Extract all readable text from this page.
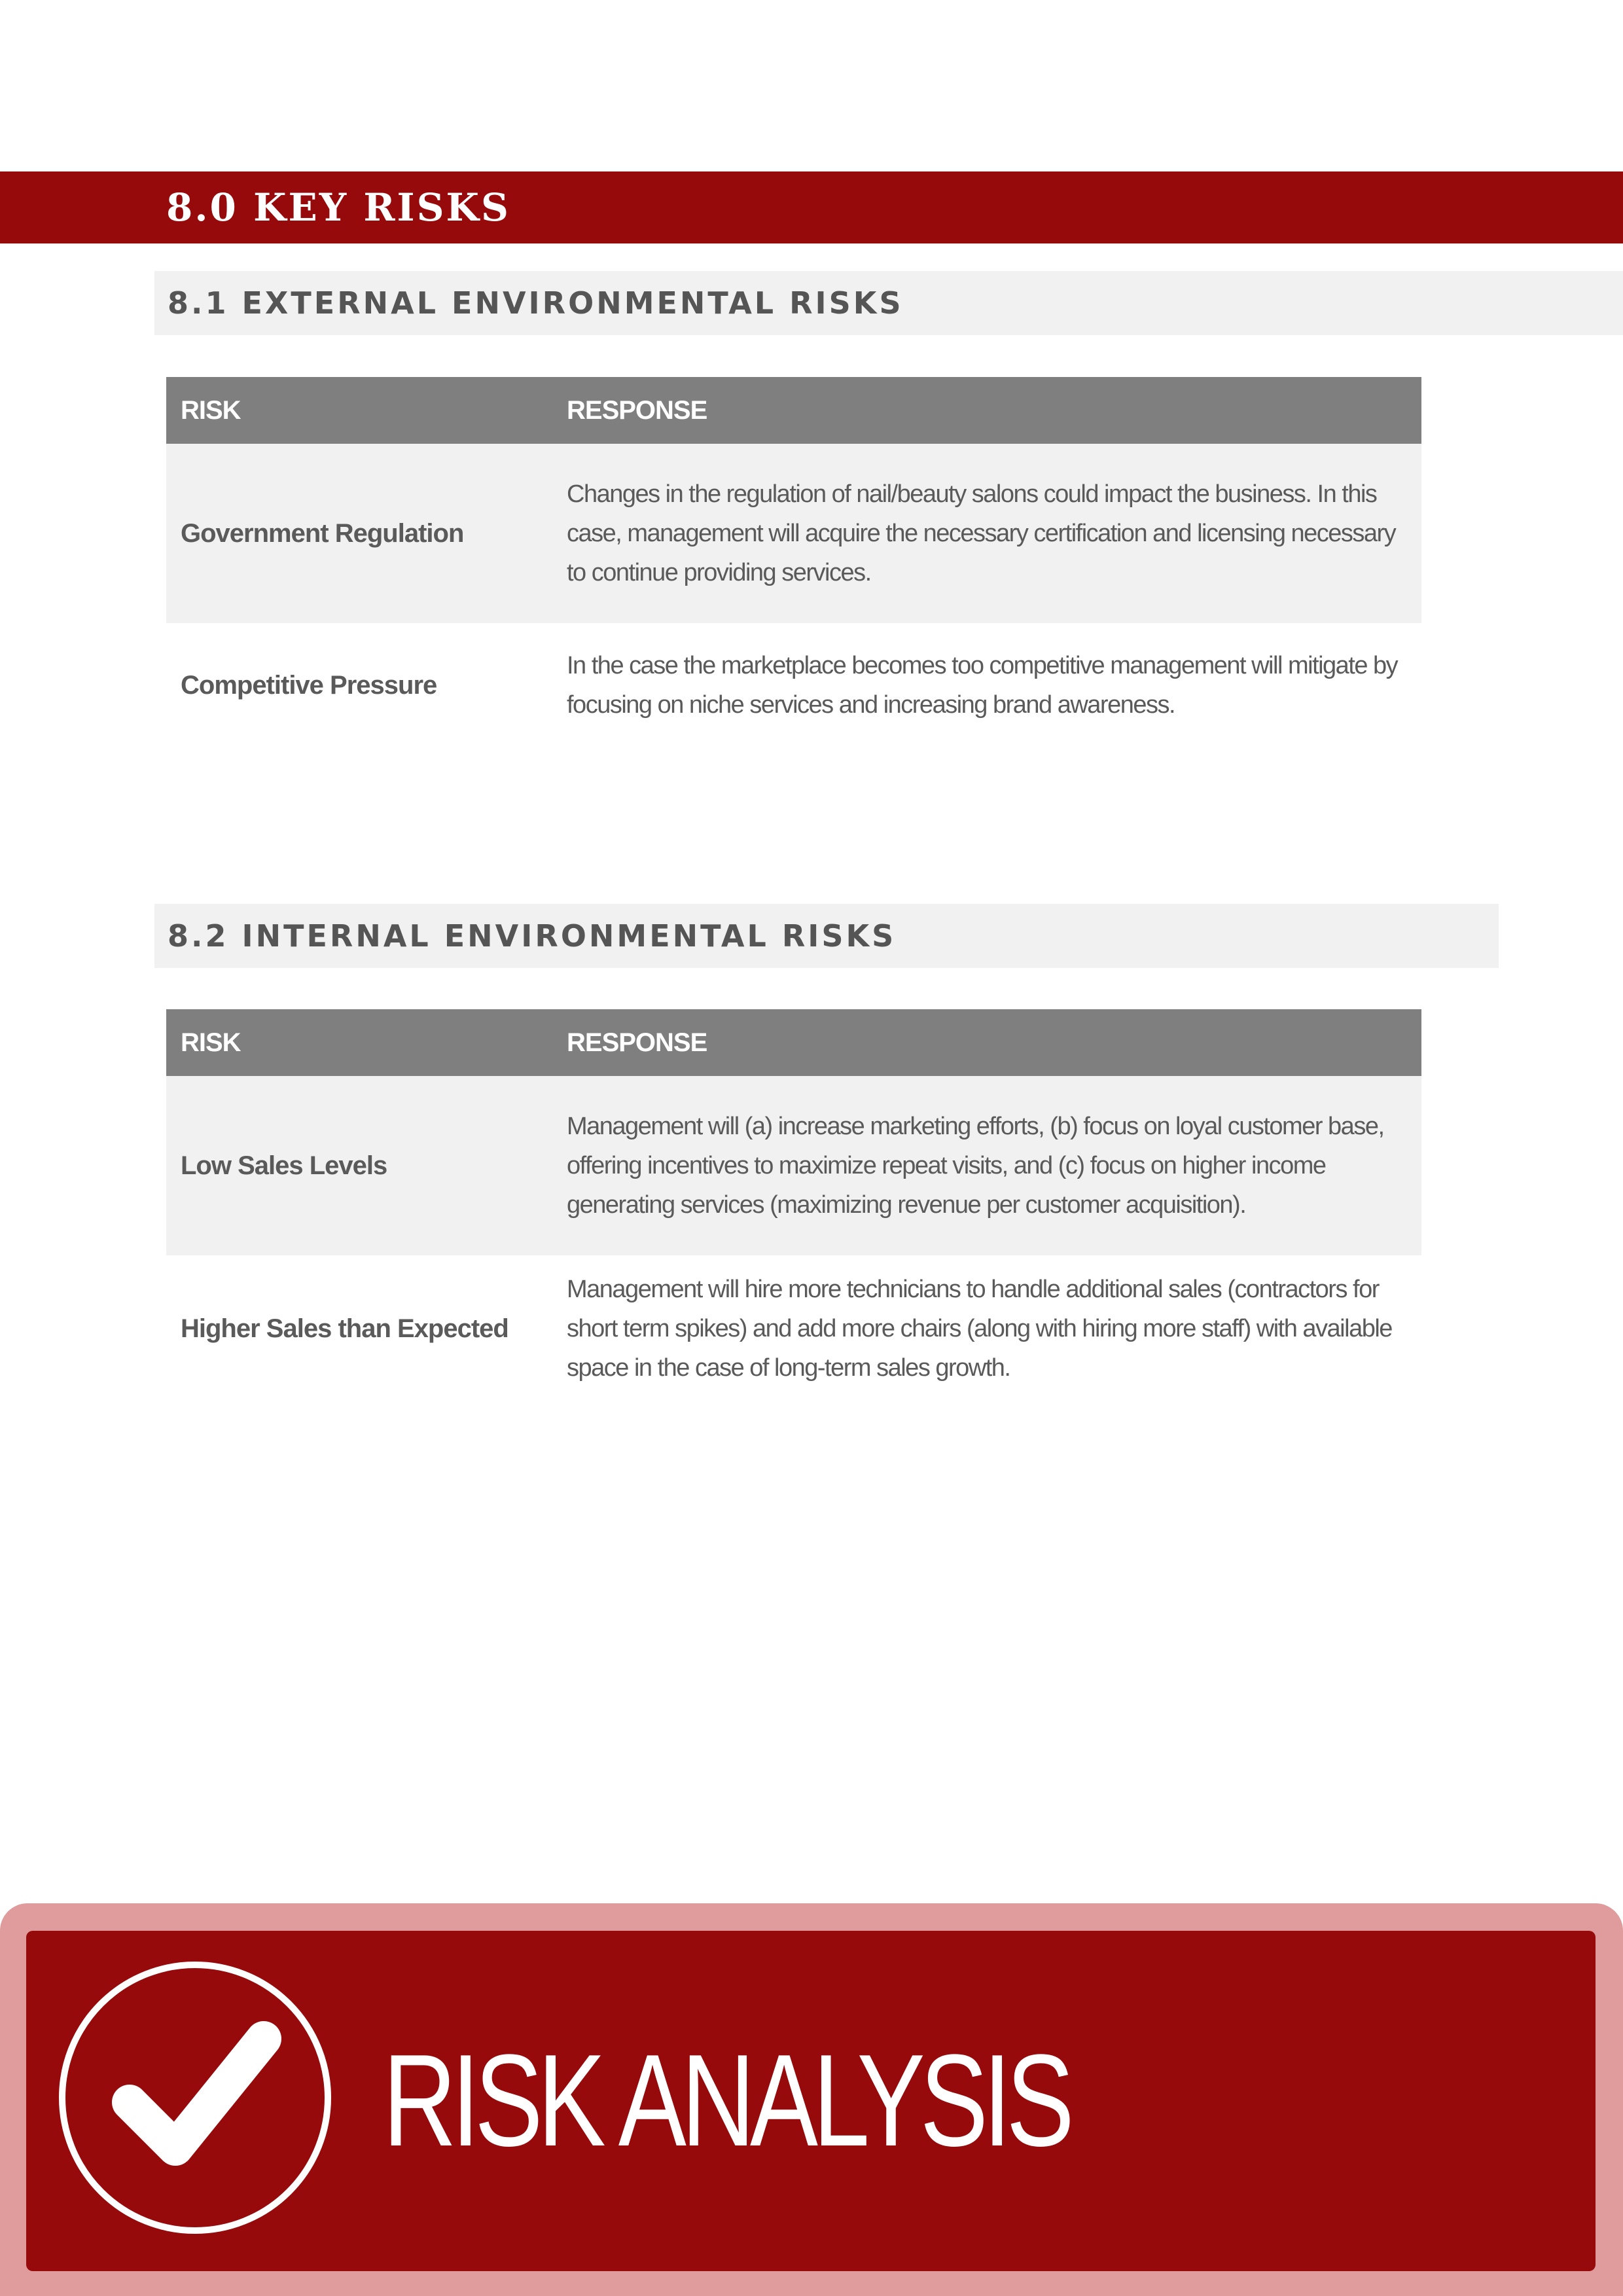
8.0 KEY RISKS
8.1 EXTERNAL ENVIRONMENTAL RISKS
RISK	RESPONSE
Government Regulation	Changes in the regulation of nail/beauty salons could impact the business. In this case, management will acquire the necessary certification and licensing necessary to continue providing services.
Competitive Pressure	In the case the marketplace becomes too competitive management will mitigate by focusing on niche services and increasing brand awareness.
8.2 INTERNAL ENVIRONMENTAL RISKS
RISK	RESPONSE
Low Sales Levels	Management will (a) increase marketing efforts, (b) focus on loyal customer base, offering incentives to maximize repeat visits, and (c) focus on higher income generating services (maximizing revenue per customer acquisition).
Higher Sales than Expected	Management will hire more technicians to handle additional sales (contractors for short term spikes) and add more chairs (along with hiring more staff) with available space in the case of long-term sales growth.
RISK ANALYSIS
